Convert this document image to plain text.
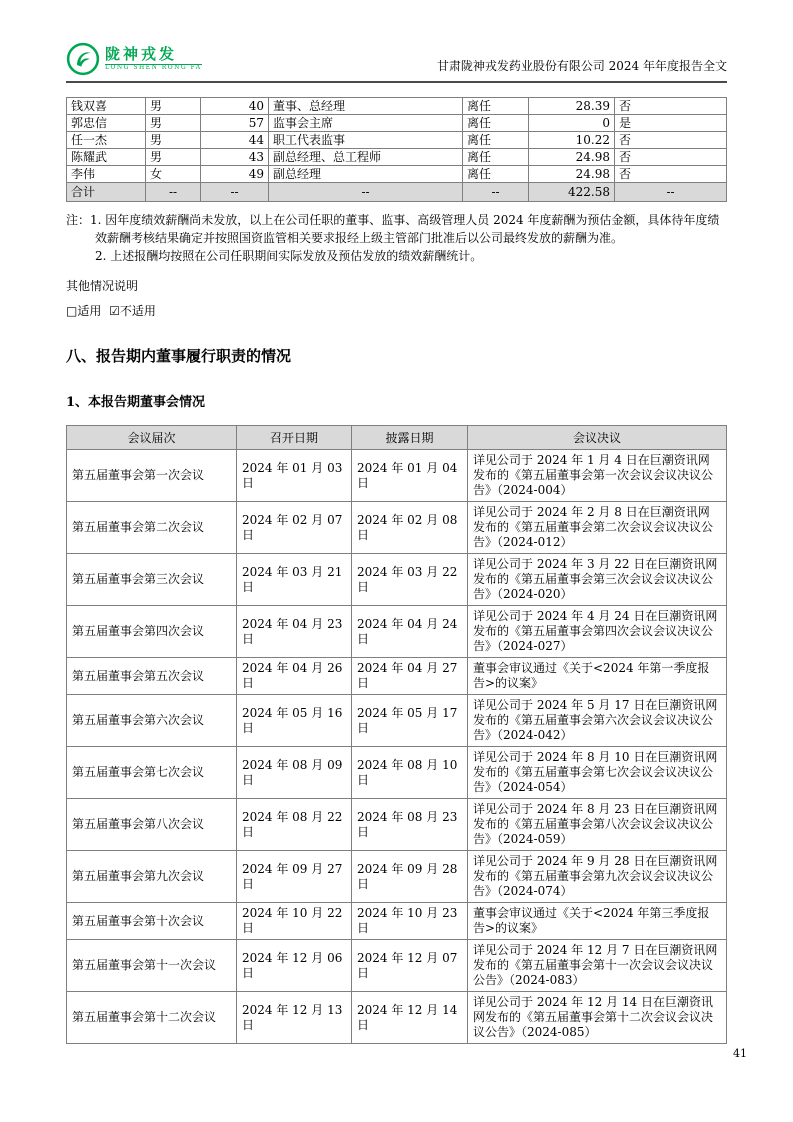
陇神戎发
LONG SHEN RONG FA	甘肃陇神戎发药业股份有限公司 2024 年年度报告全文
钱双喜	男	40	董事、总经理	离任	28.39	否
郭忠信	男	57	监事会主席	离任	0	是
任一杰	男	44	职工代表监事	离任	10.22	否
陈耀武	男	43	副总经理、总工程师	离任	24.98	否
李伟	女	49	副总经理	离任	24.98	否
合计	--	--	--	--	422.58	--

注：1. 因年度绩效薪酬尚未发放，以上在公司任职的董事、监事、高级管理人员 2024 年度薪酬为预估金额，具体待年度绩效薪酬考核结果确定并按照国资监管相关要求报经上级主管部门批准后以公司最终发放的薪酬为准。

2. 上述报酬均按照在公司任职期间实际发放及预估发放的绩效薪酬统计。

其他情况说明
□适用 ☑不适用
八、报告期内董事履行职责的情况
1、本报告期董事会情况
会议届次	召开日期	披露日期	会议决议
第五届董事会第一次会议	2024 年 01 月 03 日	2024 年 01 月 04 日	详见公司于 2024 年 1 月 4 日在巨潮资讯网发布的《第五届董事会第一次会议会议决议公告》（2024-004）
第五届董事会第二次会议	2024 年 02 月 07 日	2024 年 02 月 08 日	详见公司于 2024 年 2 月 8 日在巨潮资讯网发布的《第五届董事会第二次会议会议决议公告》（2024-012）
第五届董事会第三次会议	2024 年 03 月 21 日	2024 年 03 月 22 日	详见公司于 2024 年 3 月 22 日在巨潮资讯网发布的《第五届董事会第三次会议会议决议公告》（2024-020）
第五届董事会第四次会议	2024 年 04 月 23 日	2024 年 04 月 24 日	详见公司于 2024 年 4 月 24 日在巨潮资讯网发布的《第五届董事会第四次会议会议决议公告》（2024-027）
第五届董事会第五次会议	2024 年 04 月 26 日	2024 年 04 月 27 日	董事会审议通过《关于<2024 年第一季度报告>的议案》
第五届董事会第六次会议	2024 年 05 月 16 日	2024 年 05 月 17 日	详见公司于 2024 年 5 月 17 日在巨潮资讯网发布的《第五届董事会第六次会议会议决议公告》（2024-042）
第五届董事会第七次会议	2024 年 08 月 09 日	2024 年 08 月 10 日	详见公司于 2024 年 8 月 10 日在巨潮资讯网发布的《第五届董事会第七次会议会议决议公告》（2024-054）
第五届董事会第八次会议	2024 年 08 月 22 日	2024 年 08 月 23 日	详见公司于 2024 年 8 月 23 日在巨潮资讯网发布的《第五届董事会第八次会议会议决议公告》（2024-059）
第五届董事会第九次会议	2024 年 09 月 27 日	2024 年 09 月 28 日	详见公司于 2024 年 9 月 28 日在巨潮资讯网发布的《第五届董事会第九次会议会议决议公告》（2024-074）
第五届董事会第十次会议	2024 年 10 月 22 日	2024 年 10 月 23 日	董事会审议通过《关于<2024 年第三季度报告>的议案》
第五届董事会第十一次会议	2024 年 12 月 06 日	2024 年 12 月 07 日	详见公司于 2024 年 12 月 7 日在巨潮资讯网发布的《第五届董事会第十一次会议会议决议公告》（2024-083）
第五届董事会第十二次会议	2024 年 12 月 13 日	2024 年 12 月 14 日	详见公司于 2024 年 12 月 14 日在巨潮资讯网发布的《第五届董事会第十二次会议会议决议公告》（2024-085）
41
